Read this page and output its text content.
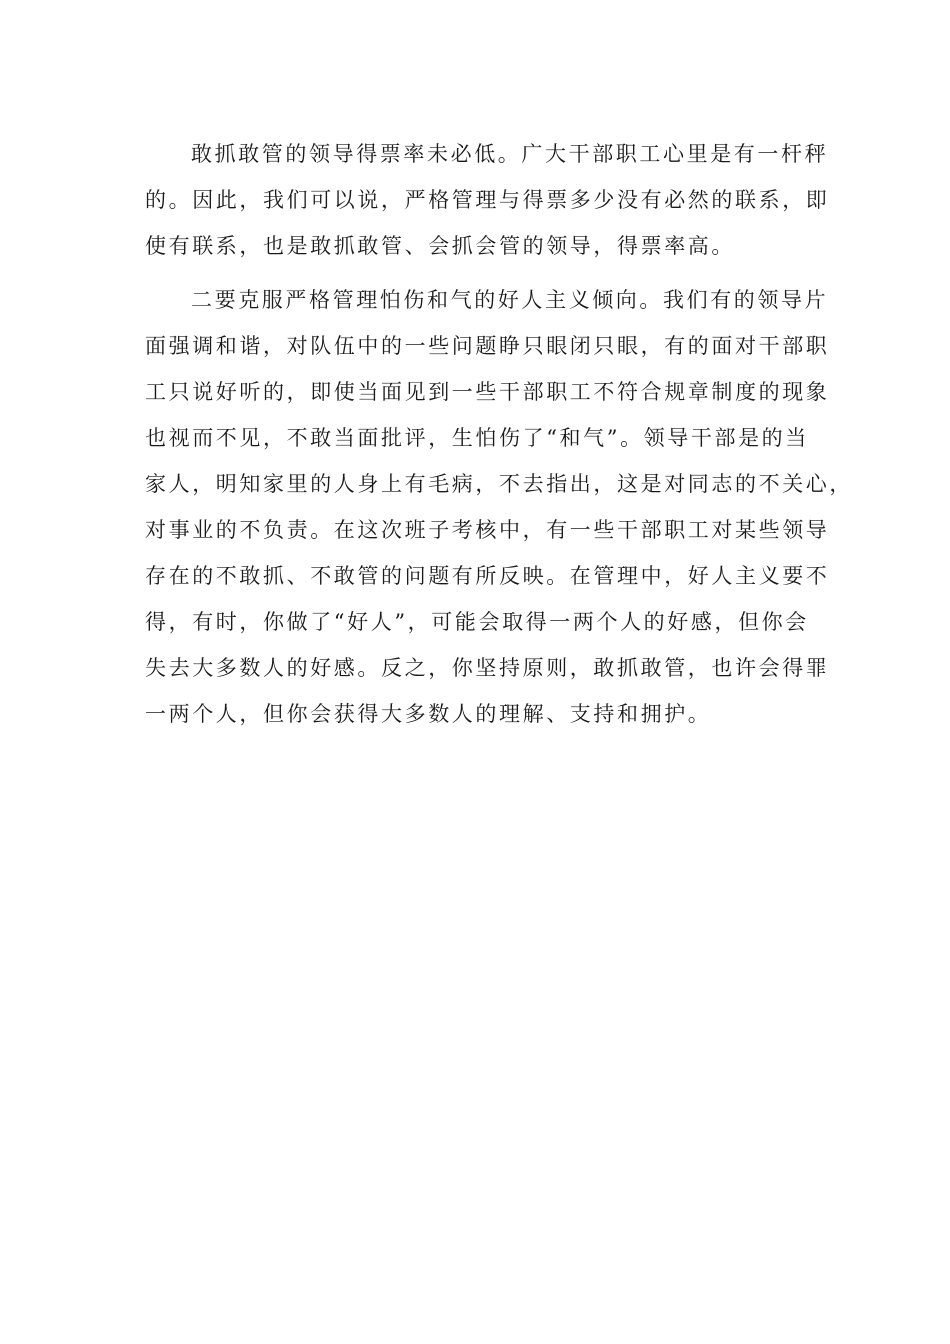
敢抓敢管的领导得票率未必低。广大干部职工心里是有一杆秤

的。因此，我们可以说，严格管理与得票多少没有必然的联系，即

使有联系，也是敢抓敢管、会抓会管的领导，得票率高。

二要克服严格管理怕伤和气的好人主义倾向。我们有的领导片

面强调和谐，对队伍中的一些问题睁只眼闭只眼，有的面对干部职

工只说好听的，即使当面见到一些干部职工不符合规章制度的现象

也视而不见，不敢当面批评，生怕伤了“和气”。领导干部是的当

家人，明知家里的人身上有毛病，不去指出，这是对同志的不关心，

对事业的不负责。在这次班子考核中，有一些干部职工对某些领导

存在的不敢抓、不敢管的问题有所反映。在管理中，好人主义要不

得，有时，你做了“好人”，可能会取得一两个人的好感，但你会

失去大多数人的好感。反之，你坚持原则，敢抓敢管，也许会得罪

一两个人，但你会获得大多数人的理解、支持和拥护。
